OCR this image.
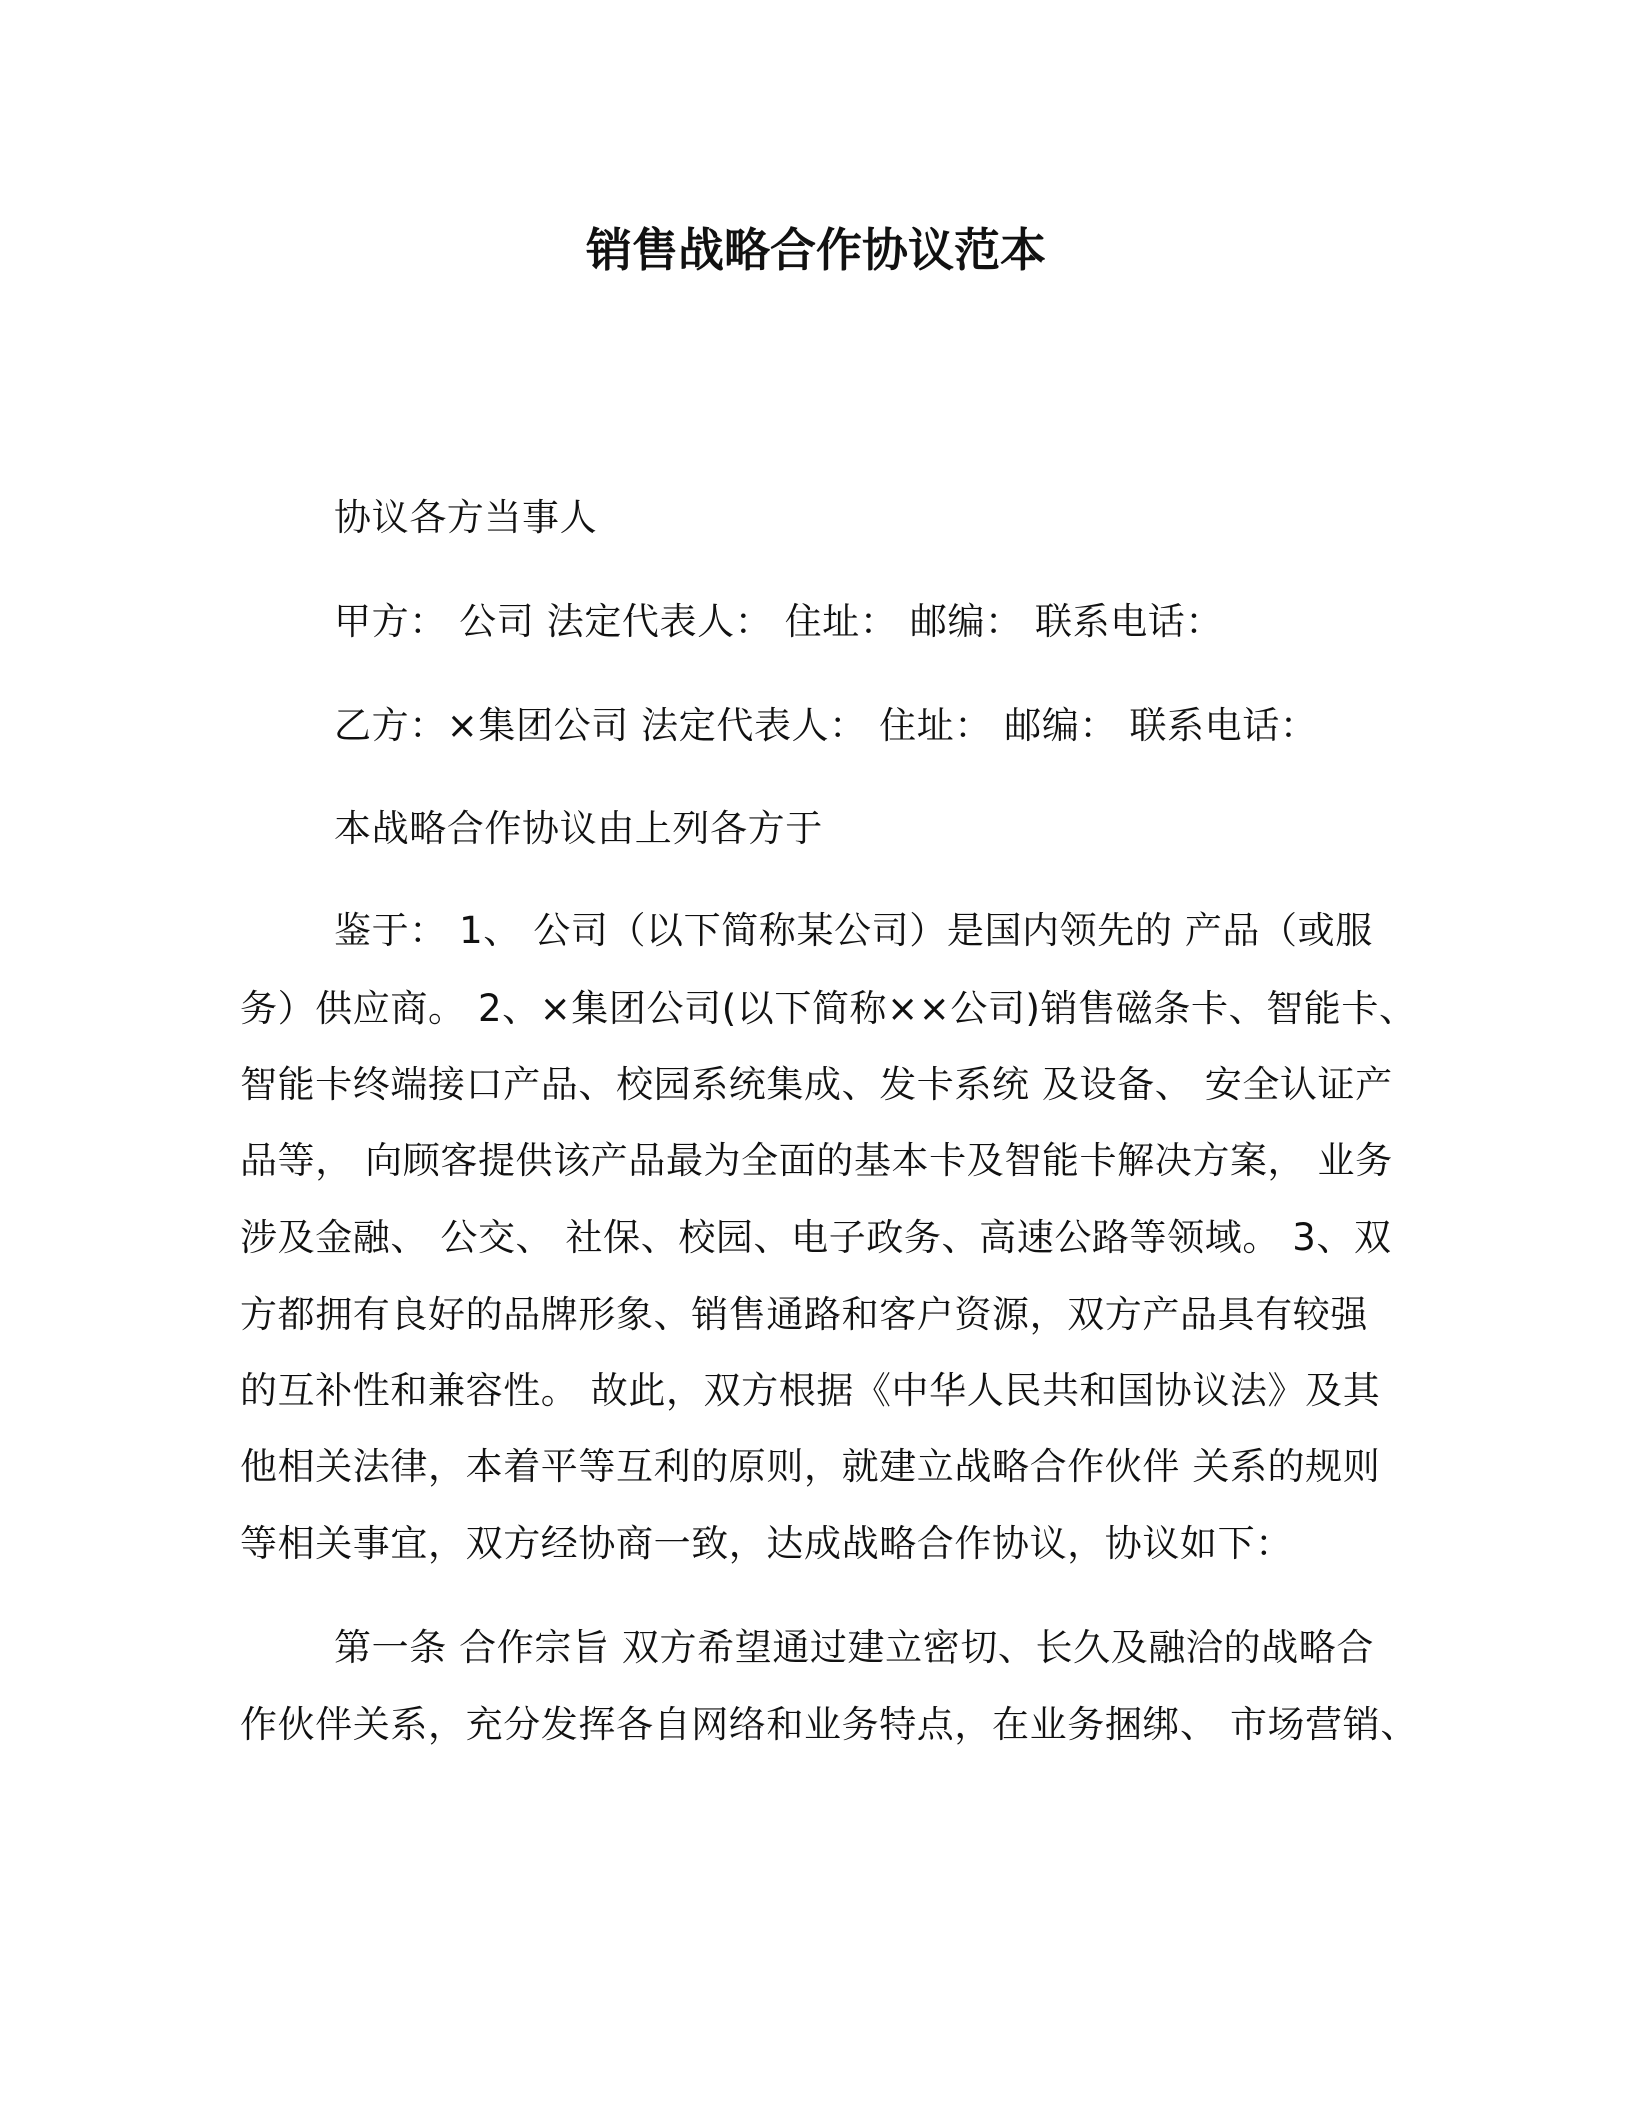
销售战略合作协议范本
协议各方当事人
甲方： 公司 法定代表人： 住址： 邮编： 联系电话：
乙方：×集团公司 法定代表人： 住址： 邮编： 联系电话：
本战略合作协议由上列各方于
鉴于： 1、 公司（以下简称某公司）是国内领先的 产品（或服
务）供应商。 2、×集团公司(以下简称××公司)销售磁条卡、智能卡、
智能卡终端接口产品、校园系统集成、发卡系统 及设备、 安全认证产
品等， 向顾客提供该产品最为全面的基本卡及智能卡解决方案， 业务
涉及金融、 公交、 社保、校园、电子政务、高速公路等领域。 3、双
方都拥有良好的品牌形象、销售通路和客户资源，双方产品具有较强
的互补性和兼容性。 故此，双方根据《中华人民共和国协议法》及其
他相关法律，本着平等互利的原则，就建立战略合作伙伴 关系的规则
等相关事宜，双方经协商一致，达成战略合作协议，协议如下：
第一条 合作宗旨 双方希望通过建立密切、长久及融洽的战略合
作伙伴关系，充分发挥各自网络和业务特点，在业务捆绑、 市场营销、
